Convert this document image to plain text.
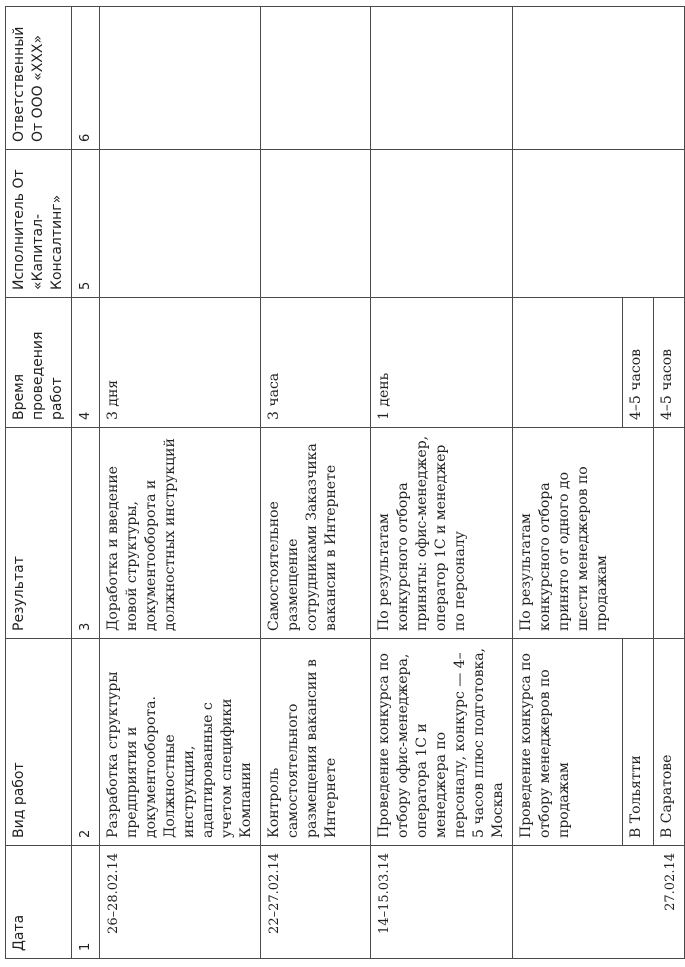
Дата	Вид работ	Результат	Время проведения работ	Исполнитель От «Капитал-Консалтинг»	Ответственный От ООО «ХХХ»
1	2	3	4	5	6
26–28.02.14	Разработка структуры предприятия и документооборота. Должностные инструкции, адаптированные с учетом специфики Компании	Доработка и введение новой структуры, документооборота и должностных инструкций	3 дня		
22–27.02.14	Контроль самостоятельного размещения вакансии в Интернете	Самостоятельное размещение сотрудниками Заказчика вакансии в Интернете	3 часа		
14–15.03.14	Проведение конкурса по отбору офис-менеджера, оператора 1С и менеджера по персоналу, конкурс — 4–5 часов плюс подготовка, Москва	По результатам конкурсного отбора приняты: офис-менеджер, оператор 1С и менеджер по персоналу	1 день		
27.02.14	Проведение конкурса по отбору менеджеров по продажам	По результатам конкурсного отбора принято от одного до шести менеджеров по продажам			
	В Тольятти		4–5 часов		
	В Саратове		4–5 часов		
